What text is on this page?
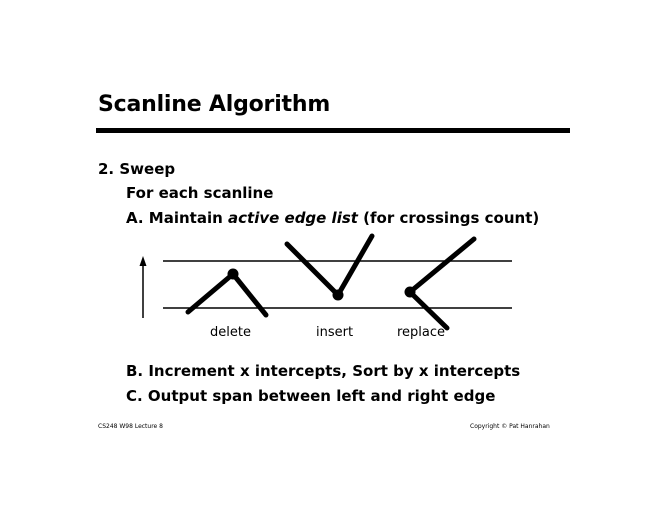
Scanline Algorithm
2. Sweep
For each scanline
A. Maintain active edge list (for crossings count)
delete	insert	replace
B. Increment x intercepts, Sort by x intercepts
C. Output span between left and right edge
CS248 W98 Lecture 8	Copyright © Pat Hanrahan
